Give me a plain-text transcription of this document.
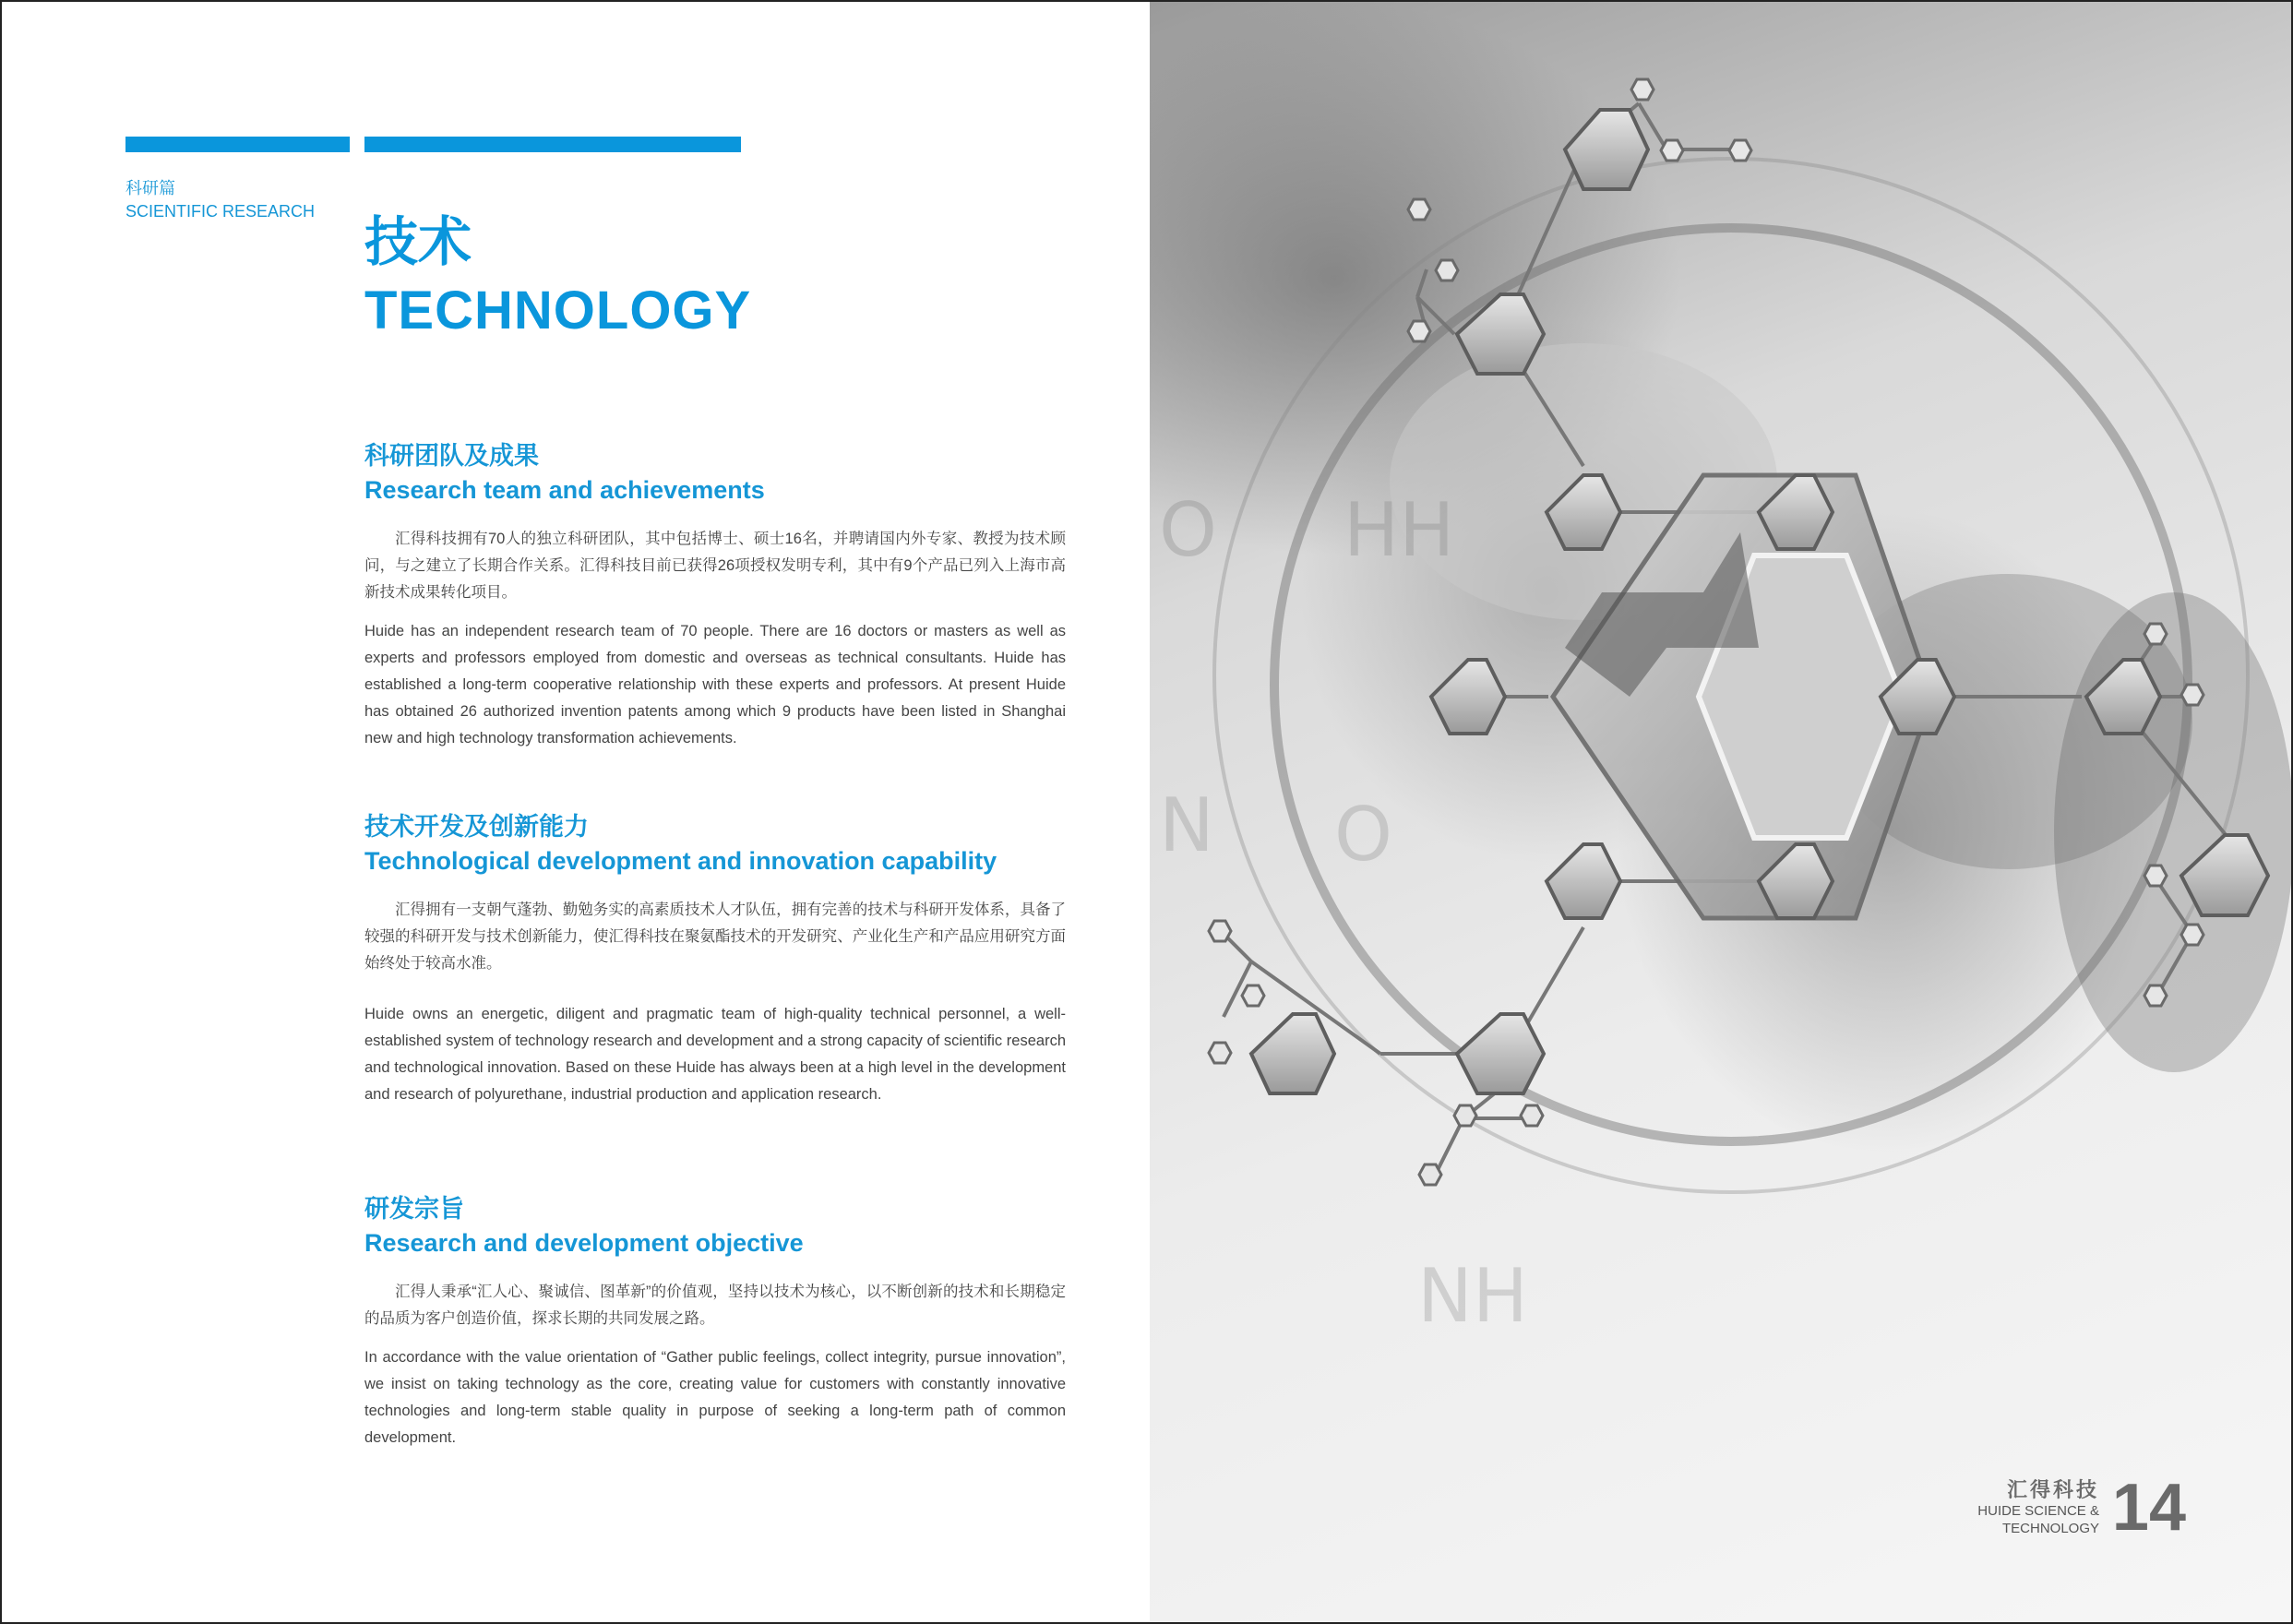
科研篇
SCIENTIFIC RESEARCH
技术
TECHNOLOGY
科研团队及成果
Research team and achievements

汇得科技拥有70人的独立科研团队，其中包括博士、硕士16名，并聘请国内外专家、教授为技术顾问，与之建立了长期合作关系。汇得科技目前已获得26项授权发明专利，其中有9个产品已列入上海市高新技术成果转化项目。

Huide has an independent research team of 70 people. There are 16 doctors or masters as well as experts and professors employed from domestic and overseas as technical consultants. Huide has established a long-term cooperative relationship with these experts and professors. At present Huide has obtained 26 authorized invention patents among which 9 products have been listed in Shanghai new and high technology transformation achievements.

技术开发及创新能力
Technological development and innovation capability

汇得拥有一支朝气蓬勃、勤勉务实的高素质技术人才队伍，拥有完善的技术与科研开发体系，具备了较强的科研开发与技术创新能力，使汇得科技在聚氨酯技术的开发研究、产业化生产和产品应用研究方面始终处于较高水准。

Huide owns an energetic, diligent and pragmatic team of high-quality technical personnel, a well-established system of technology research and development and a strong capacity of scientific research and technological innovation. Based on these Huide has always been at a high level in the development and research of polyurethane, industrial production and application research.

研发宗旨
Research and development objective

汇得人秉承“汇人心、聚诚信、图革新”的价值观，坚持以技术为核心，以不断创新的技术和长期稳定的品质为客户创造价值，探求长期的共同发展之路。

In accordance with the value orientation of “Gather public feelings, collect integrity, pursue innovation”, we insist on taking technology as the core, creating value for customers with constantly innovative technologies and long-term stable quality in purpose of seeking a long-term path of common development.

O HH
N O
NH
汇得科技
HUIDE SCIENCE &
TECHNOLOGY 14
